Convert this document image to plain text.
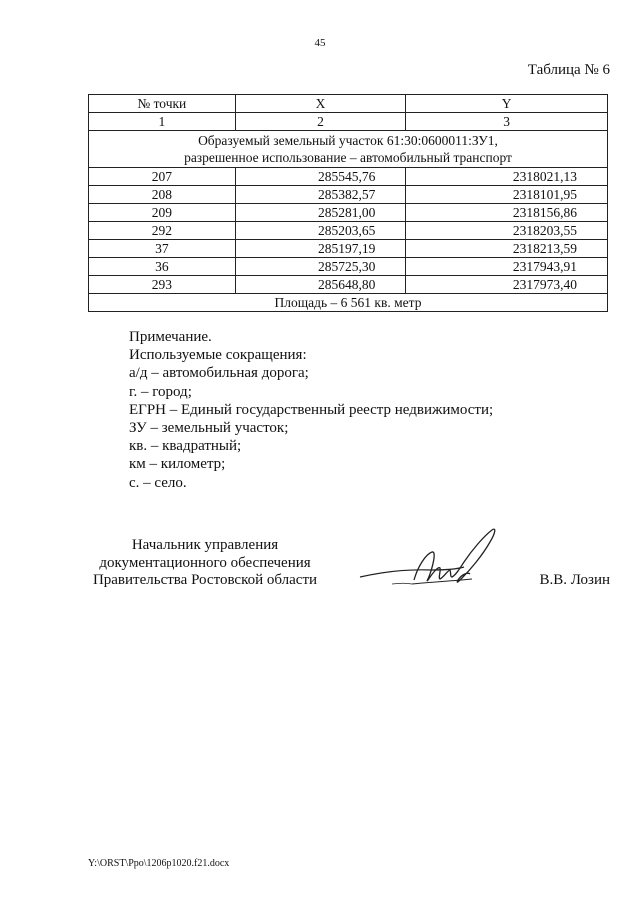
45
Таблица № 6
№ точки	X	Y
1	2	3

Образуемый земельный участок 61:30:0600011:ЗУ1,
разрешенное использование – автомобильный транспорт		

207	285545,76	2318021,13
208	285382,57	2318101,95
209	285281,00	2318156,86
292	285203,65	2318203,55
37	285197,19	2318213,59
36	285725,30	2317943,91
293	285648,80	2317973,40
Площадь – 6 561 кв. метр		
Примечание.
Используемые сокращения:
а/д – автомобильная дорога;
г. – город;
ЕГРН – Единый государственный реестр недвижимости;
ЗУ – земельный участок;
кв. – квадратный;
км – километр;
с. – село.
Начальник управления
документационного обеспечения
Правительства Ростовской области	В.В. Лозин
Y:\ORST\Ppo\1206p1020.f21.docx
